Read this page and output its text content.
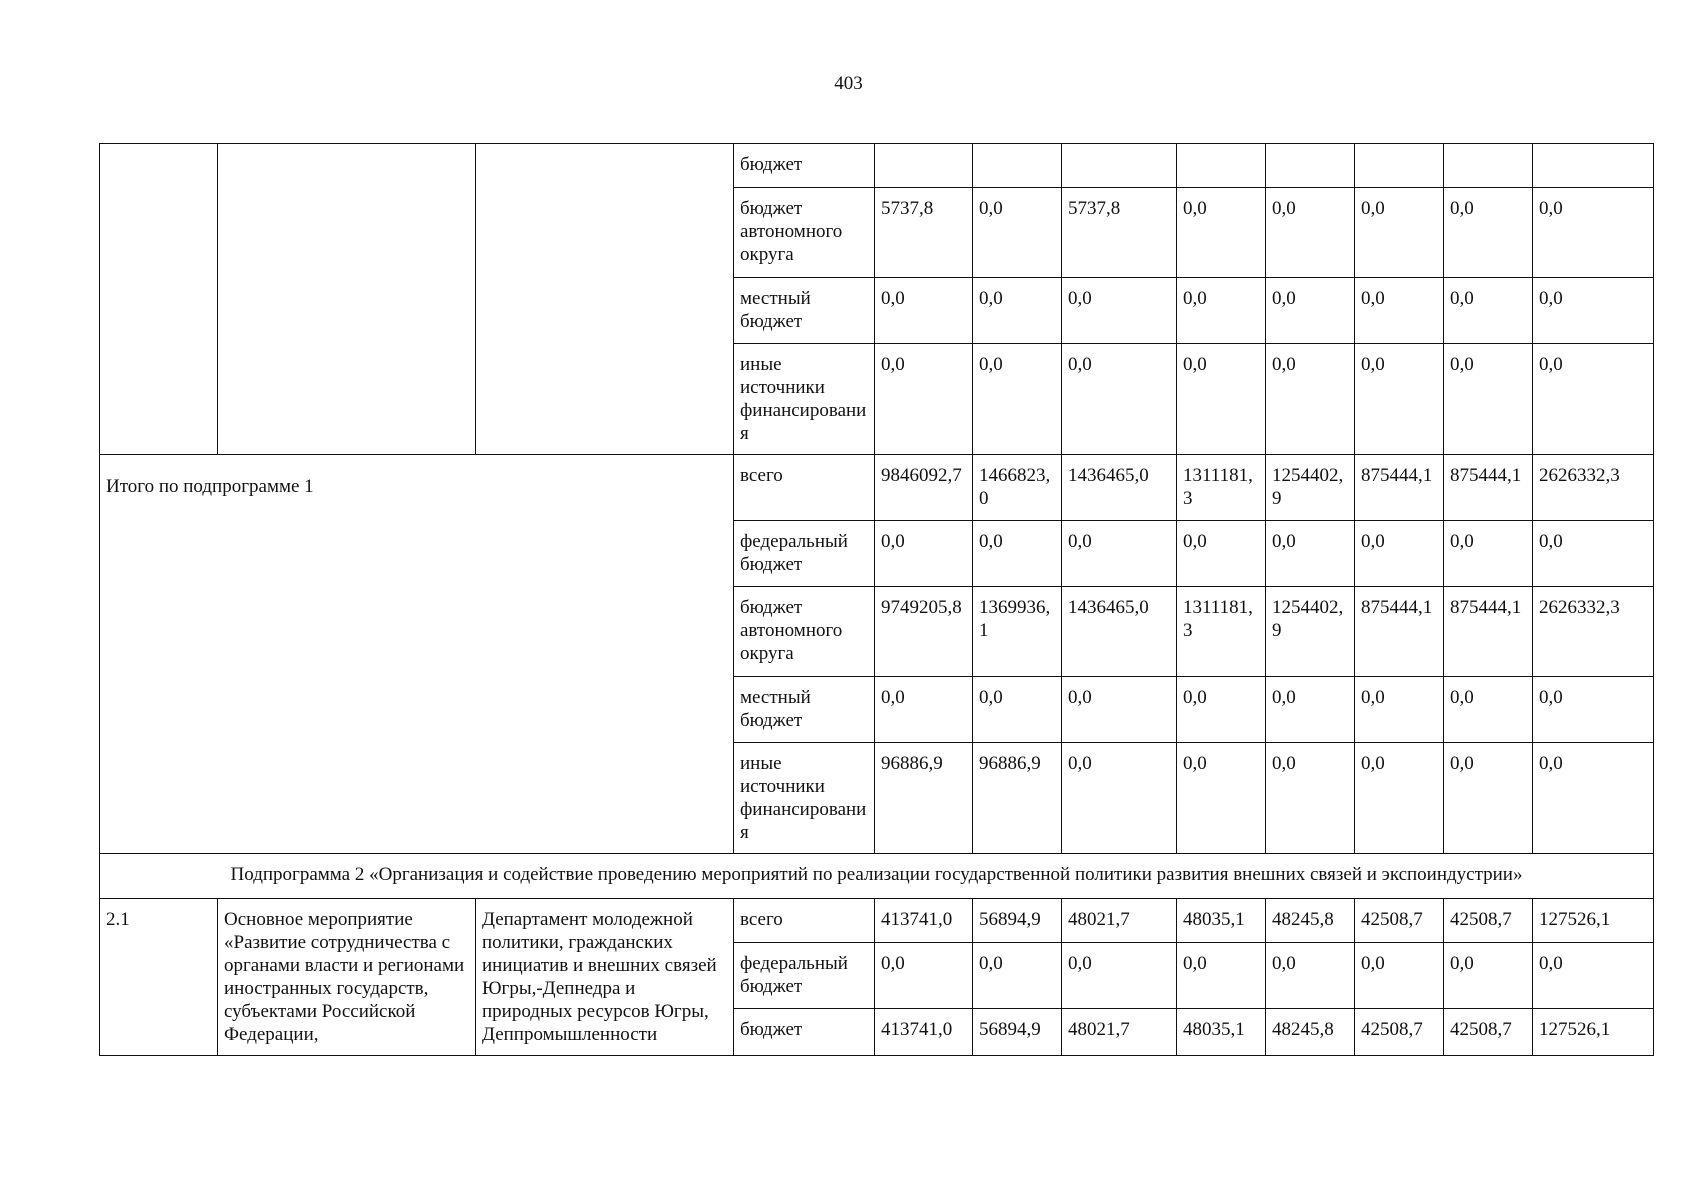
403
			бюджет								
			бюджет автономного округа	5737,8	0,0	5737,8	0,0	0,0	0,0	0,0	0,0
			местный бюджет	0,0	0,0	0,0	0,0	0,0	0,0	0,0	0,0
			иные источники финансирования	0,0	0,0	0,0	0,0	0,0	0,0	0,0	0,0
Итого по подпрограмме 1			всего	9846092,7	1466823,0	1436465,0	1311181,3	1254402,9	875444,1	875444,1	2626332,3
			федеральный бюджет	0,0	0,0	0,0	0,0	0,0	0,0	0,0	0,0
			бюджет автономного округа	9749205,8	1369936,1	1436465,0	1311181,3	1254402,9	875444,1	875444,1	2626332,3
			местный бюджет	0,0	0,0	0,0	0,0	0,0	0,0	0,0	0,0
			иные источники финансирования	96886,9	96886,9	0,0	0,0	0,0	0,0	0,0	0,0
Подпрограмма 2 «Организация и содействие проведению мероприятий по реализации государственной политики развития внешних связей и экспоиндустрии»											
2.1	Основное мероприятие «Развитие сотрудничества с органами власти и регионами иностранных государств, субъектами Российской Федерации,	Департамент молодежной политики, гражданских инициатив и внешних связей Югры,-Депнедра и природных ресурсов Югры, Деппромышленности	всего	413741,0	56894,9	48021,7	48035,1	48245,8	42508,7	42508,7	127526,1
			федеральный бюджет	0,0	0,0	0,0	0,0	0,0	0,0	0,0	0,0
			бюджет	413741,0	56894,9	48021,7	48035,1	48245,8	42508,7	42508,7	127526,1
